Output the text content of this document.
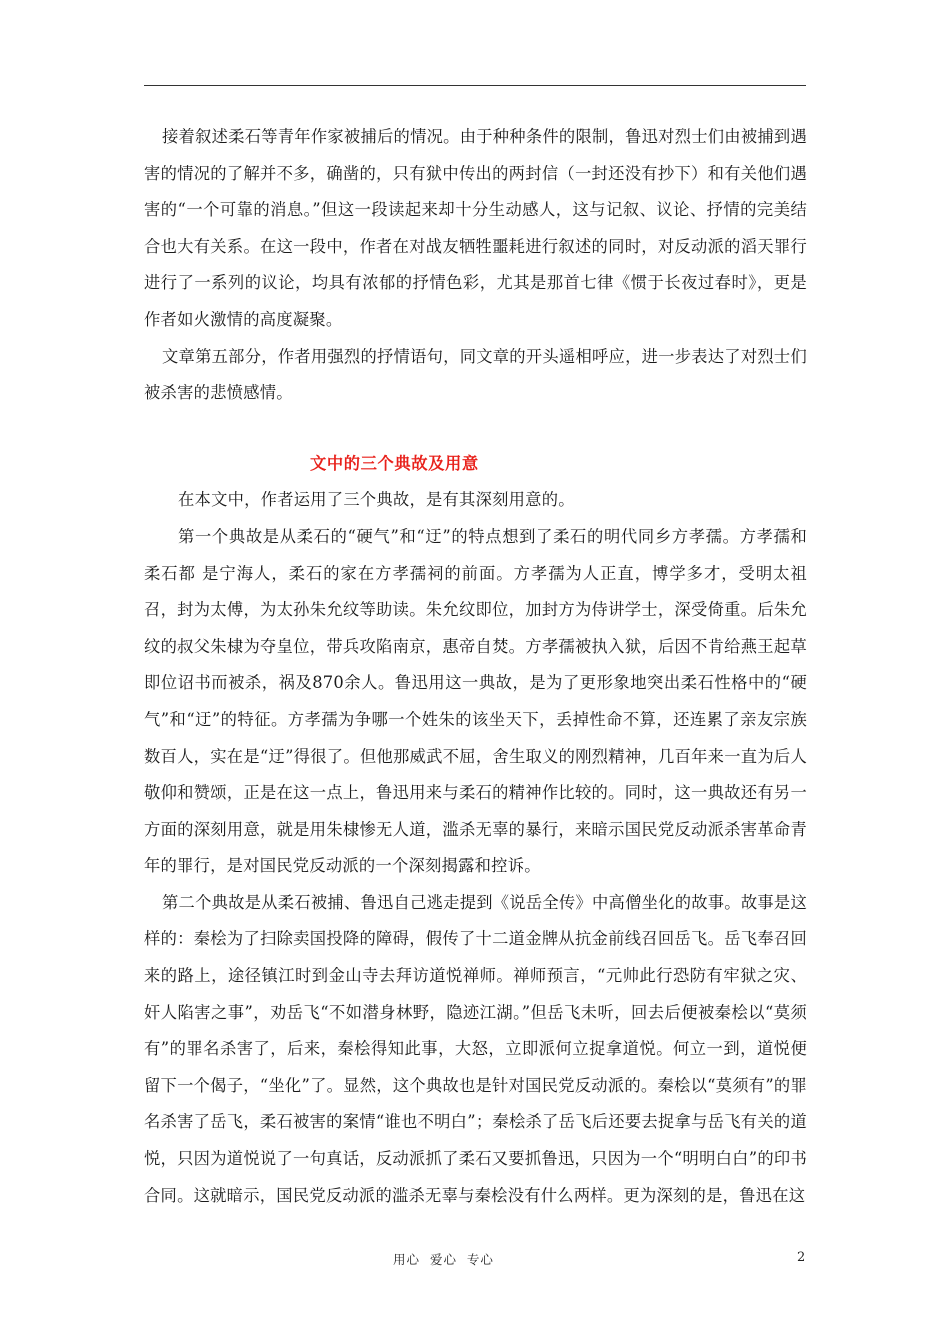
接着叙述柔石等青年作家被捕后的情况。由于种种条件的限制，鲁迅对烈士们由被捕到遇害的情况的了解并不多，确凿的，只有狱中传出的两封信（一封还没有抄下）和有关他们遇害的“一个可靠的消息。”但这一段读起来却十分生动感人，这与记叙、议论、抒情的完美结合也大有关系。在这一段中，作者在对战友牺牲噩耗进行叙述的同时，对反动派的滔天罪行进行了一系列的议论，均具有浓郁的抒情色彩，尤其是那首七律《惯于长夜过春时》，更是作者如火激情的高度凝聚。

文章第五部分，作者用强烈的抒情语句，同文章的开头遥相呼应，进一步表达了对烈士们被杀害的悲愤感情。

文中的三个典故及用意

在本文中，作者运用了三个典故，是有其深刻用意的。

第一个典故是从柔石的“硬气”和“迂”的特点想到了柔石的明代同乡方孝孺。方孝孺和柔石都 是宁海人，柔石的家在方孝孺祠的前面。方孝孺为人正直，博学多才，受明太祖召，封为太傅，为太孙朱允纹等助读。朱允纹即位，加封方为侍讲学士，深受倚重。后朱允纹的叔父朱棣为夺皇位，带兵攻陷南京，惠帝自焚。方孝孺被执入狱，后因不肯给燕王起草即位诏书而被杀，祸及870余人。鲁迅用这一典故，是为了更形象地突出柔石性格中的“硬气”和“迂”的特征。方孝孺为争哪一个姓朱的该坐天下，丢掉性命不算，还连累了亲友宗族数百人，实在是“迂”得很了。但他那威武不屈，舍生取义的刚烈精神，几百年来一直为后人敬仰和赞颂，正是在这一点上，鲁迅用来与柔石的精神作比较的。同时，这一典故还有另一方面的深刻用意，就是用朱棣惨无人道，滥杀无辜的暴行，来暗示国民党反动派杀害革命青年的罪行，是对国民党反动派的一个深刻揭露和控诉。

第二个典故是从柔石被捕、鲁迅自己逃走提到《说岳全传》中高僧坐化的故事。故事是这样的：秦桧为了扫除卖国投降的障碍，假传了十二道金牌从抗金前线召回岳飞。岳飞奉召回来的路上，途径镇江时到金山寺去拜访道悦禅师。禅师预言，“元帅此行恐防有牢狱之灾、奸人陷害之事”，劝岳飞“不如潜身林野，隐迹江湖。”但岳飞未听，回去后便被秦桧以“莫须有”的罪名杀害了，后来，秦桧得知此事，大怒，立即派何立捉拿道悦。何立一到，道悦便留下一个偈子，“坐化”了。显然，这个典故也是针对国民党反动派的。秦桧以“莫须有”的罪名杀害了岳飞，柔石被害的案情“谁也不明白”；秦桧杀了岳飞后还要去捉拿与岳飞有关的道悦，只因为道悦说了一句真话，反动派抓了柔石又要抓鲁迅，只因为一个“明明白白”的印书合同。这就暗示，国民党反动派的滥杀无辜与秦桧没有什么两样。更为深刻的是，鲁迅在这

用心  爱心  专心	2
